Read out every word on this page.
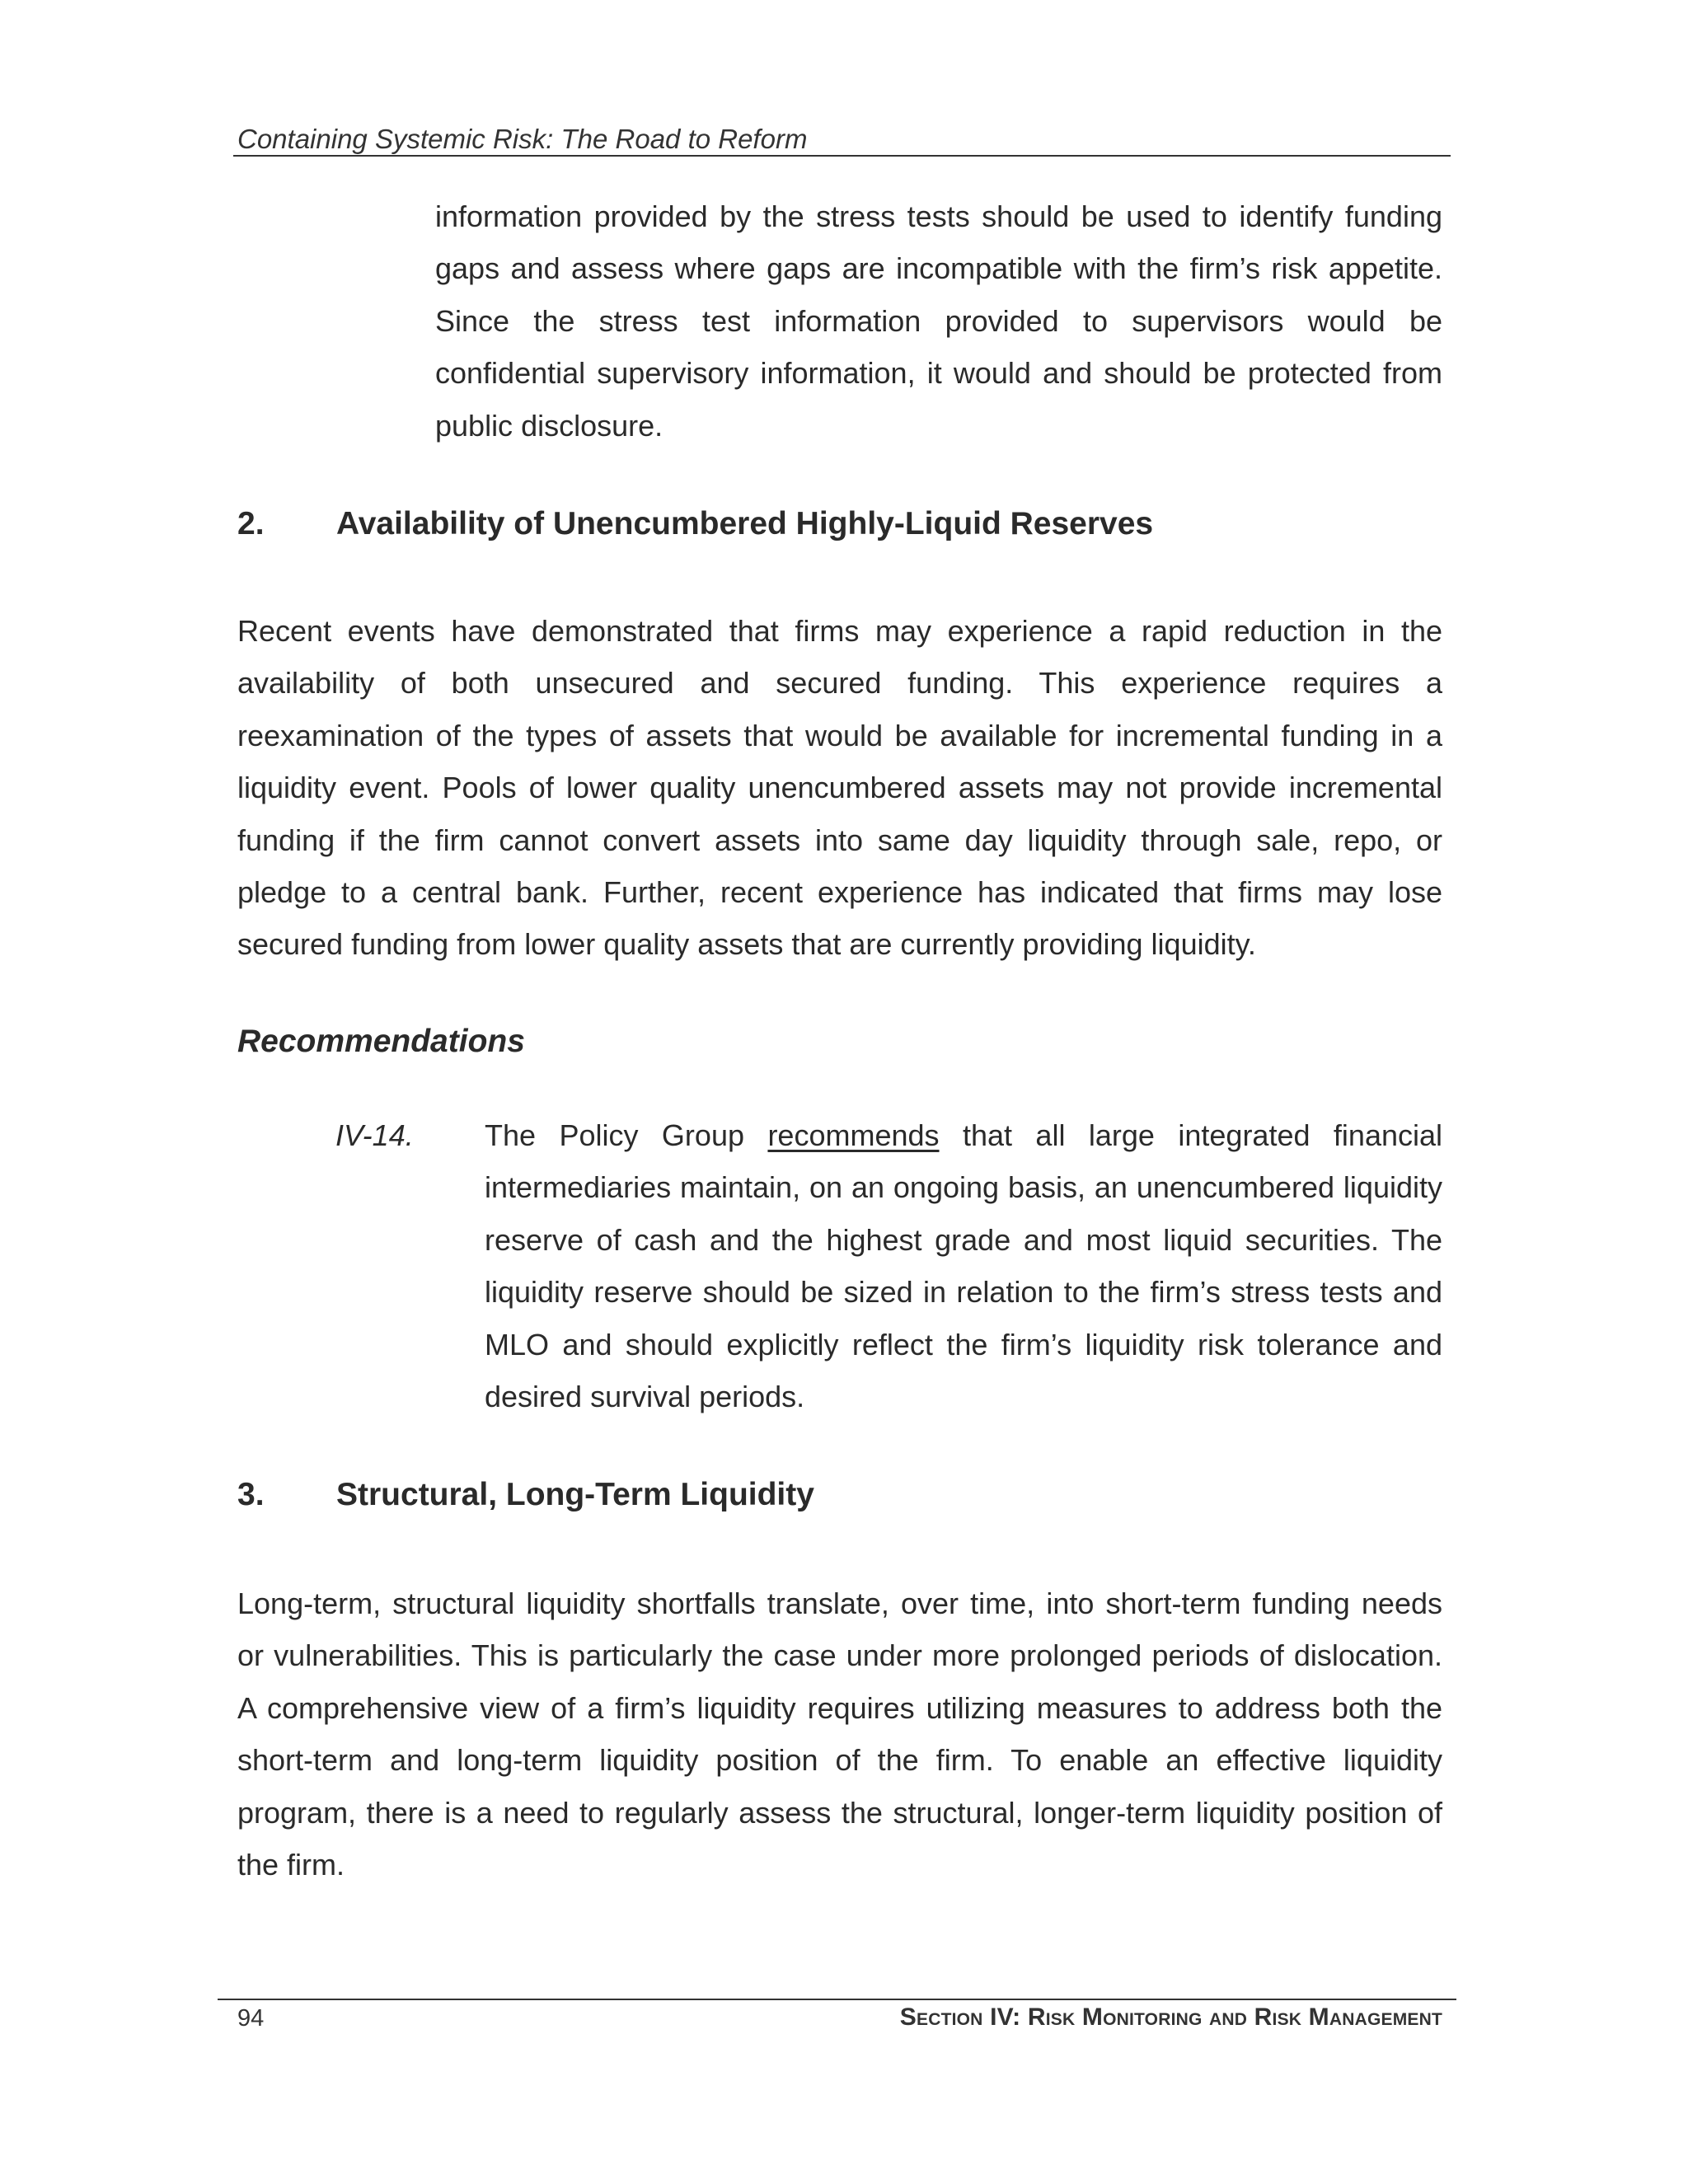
Containing Systemic Risk: The Road to Reform

information provided by the stress tests should be used to identify funding gaps and assess where gaps are incompatible with the firm’s risk appetite. Since the stress test information provided to supervisors would be confidential supervisory information, it would and should be protected from public disclosure.

2. Availability of Unencumbered Highly-Liquid Reserves

Recent events have demonstrated that firms may experience a rapid reduction in the availability of both unsecured and secured funding. This experience requires a reexamination of the types of assets that would be available for incremental funding in a liquidity event. Pools of lower quality unencumbered assets may not provide incremental funding if the firm cannot convert assets into same day liquidity through sale, repo, or pledge to a central bank. Further, recent experience has indicated that firms may lose secured funding from lower quality assets that are currently providing liquidity.

Recommendations
IV-14. The Policy Group recommends that all large integrated financial intermediaries maintain, on an ongoing basis, an unencumbered liquidity reserve of cash and the highest grade and most liquid securities. The liquidity reserve should be sized in relation to the firm’s stress tests and MLO and should explicitly reflect the firm’s liquidity risk tolerance and desired survival periods.

3. Structural, Long-Term Liquidity

Long-term, structural liquidity shortfalls translate, over time, into short-term funding needs or vulnerabilities. This is particularly the case under more prolonged periods of dislocation. A comprehensive view of a firm’s liquidity requires utilizing measures to address both the short-term and long-term liquidity position of the firm. To enable an effective liquidity program, there is a need to regularly assess the structural, longer-term liquidity position of the firm.

94	Section IV: Risk Monitoring and Risk Management
